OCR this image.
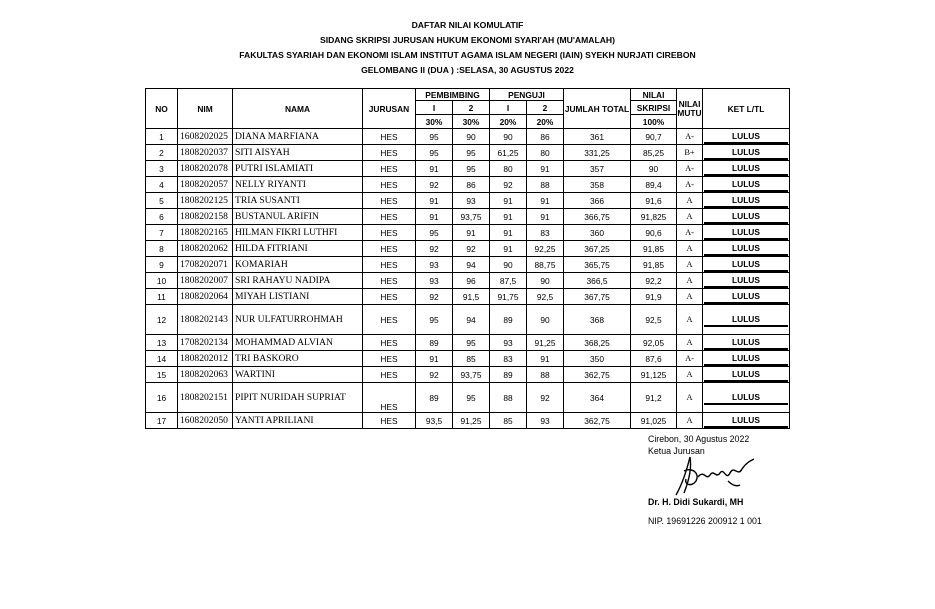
DAFTAR NILAI KOMULATIF
SIDANG SKRIPSI JURUSAN HUKUM EKONOMI SYARI'AH (MU'AMALAH)
FAKULTAS SYARIAH DAN EKONOMI ISLAM INSTITUT AGAMA ISLAM NEGERI (IAIN) SYEKH NURJATI CIREBON
GELOMBANG II (DUA ) :SELASA, 30 AGUSTUS 2022
NO	NIM	NAMA	JURUSAN	PEMBIMBING		PENGUJI		JUMLAH TOTAL	NILAI	NILAI MUTU	KET L/TL
				I	2	I	2		SKRIPSI		
				30%	30%	20%	20%		100%		
1	1608202025	DIANA MARFIANA	HES	95	90	90	86	361	90,7	A-	LULUS

2	1808202037	SITI AISYAH	HES	95	95	61,25	80	331,25	85,25	B+	LULUS

3	1808202078	PUTRI ISLAMIATI	HES	91	95	80	91	357	90	A-	LULUS

4	1808202057	NELLY RIYANTI	HES	92	86	92	88	358	89,4	A-	LULUS

5	1808202125	TRIA SUSANTI	HES	91	93	91	91	366	91,6	A	LULUS

6	1808202158	BUSTANUL ARIFIN	HES	91	93,75	91	91	366,75	91,825	A	LULUS

7	1808202165	HILMAN FIKRI LUTHFI	HES	95	91	91	83	360	90,6	A-	LULUS

8	1808202062	HILDA FITRIANI	HES	92	92	91	92,25	367,25	91,85	A	LULUS

9	1708202071	KOMARIAH	HES	93	94	90	88,75	365,75	91,85	A	LULUS

10	1808202007	SRI RAHAYU NADIPA	HES	93	96	87,5	90	366,5	92,2	A	LULUS

11	1808202064	MIYAH LISTIANI	HES	92	91,5	91,75	92,5	367,75	91,9	A	LULUS

12	1808202143	NUR ULFATURROHMAH	HES	95	94	89	90	368	92,5	A	LULUS

13	1708202134	MOHAMMAD ALVIAN	HES	89	95	93	91,25	368,25	92,05	A	LULUS

14	1808202012	TRI BASKORO	HES	91	85	83	91	350	87,6	A-	LULUS

15	1808202063	WARTINI	HES	92	93,75	89	88	362,75	91,125	A	LULUS

16	1808202151	PIPIT NURIDAH SUPRIAT	HES	89	95	88	92	364	91,2	A	LULUS

17	1608202050	YANTI APRILIANI	HES	93,5	91,25	85	93	362,75	91,025	A	LULUS
Cirebon, 30 Agustus 2022
Ketua Jurusan
Dr. H. Didi Sukardi, MH
NIP. 19691226 200912 1 001
